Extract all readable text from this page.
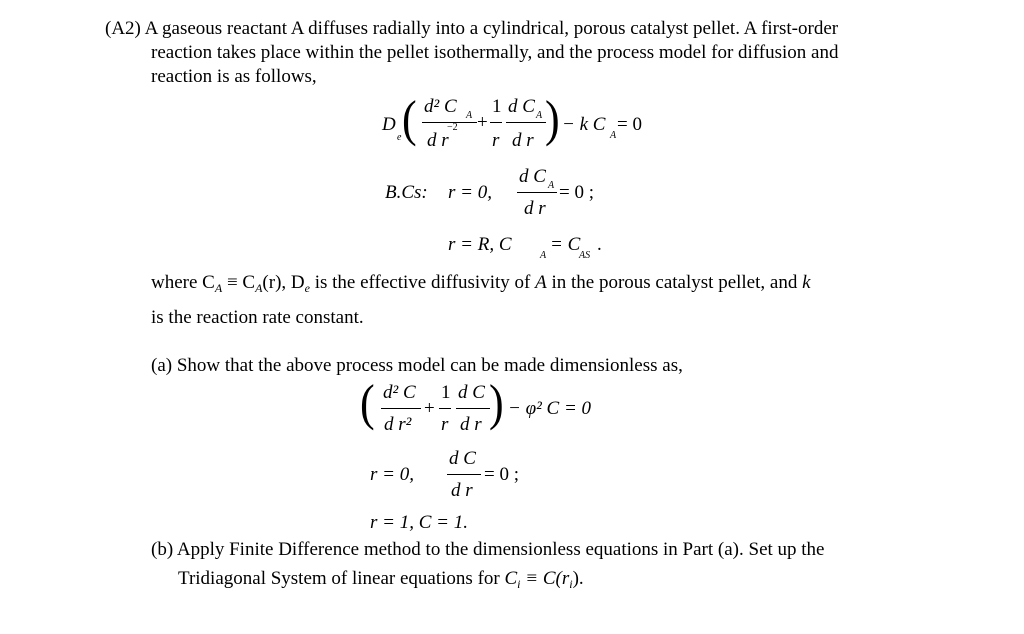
(A2) A gaseous reactant A diffuses radially into a cylindrical, porous catalyst pellet. A first-order
reaction takes place within the pellet isothermally, and the process model for diffusion and
reaction is as follows,
D
e ( d² C A
−2
d r
+
1
r
d C A
d r ) − k C
A
= 0
B.Cs: r = 0,
d C A
d r
= 0 ;
r = R, C
A
= C
AS
.
where $C_A \equiv C_A(r)$, $D_e$ is the effective diffusivity of A in the porous catalyst pellet, and k
is the reaction rate constant.
(a) Show that the above process model can be made dimensionless as,
( d² C
d r²
+
1
r
d C
d r ) − φ² C = 0
r = 0,
d C
d r
= 0 ;
r = 1, C = 1.
(b) Apply Finite Difference method to the dimensionless equations in Part (a). Set up the
Tridiagonal System of linear equations for $C_i \equiv C(r_i)$.
